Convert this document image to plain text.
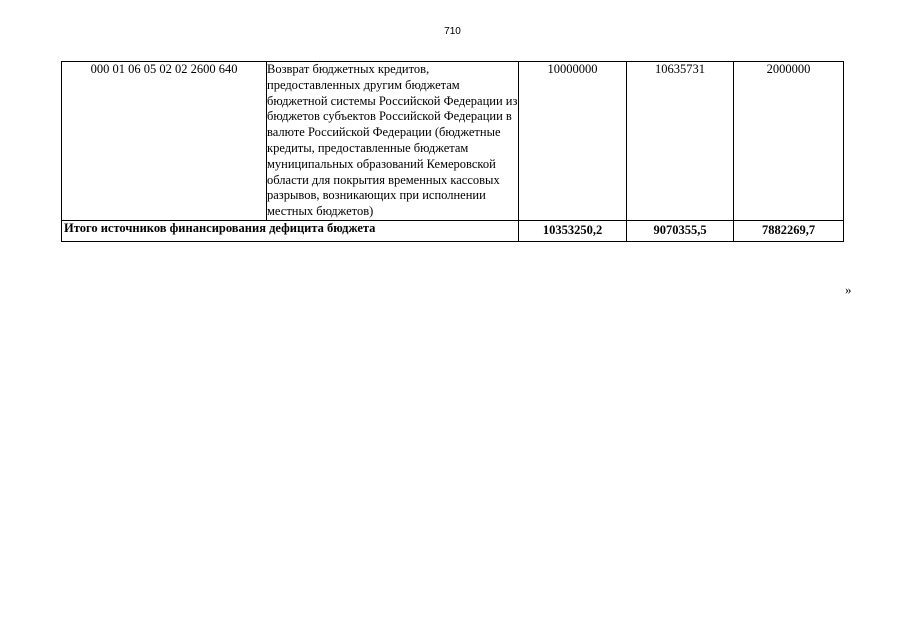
710
000 01 06 05 02 02 2600 640	Возврат бюджетных кредитов, предоставленных другим бюджетам бюджетной системы Российской Федерации из бюджетов субъектов Российской Федерации в валюте Российской Федерации (бюджетные кредиты, предоставленные бюджетам муниципальных образований Кемеровской области для покрытия временных кассовых разрывов, возникающих при исполнении местных бюджетов)	10000000	10635731	2000000
Итого источников финансирования дефицита бюджета		10353250,2	9070355,5	7882269,7
»
